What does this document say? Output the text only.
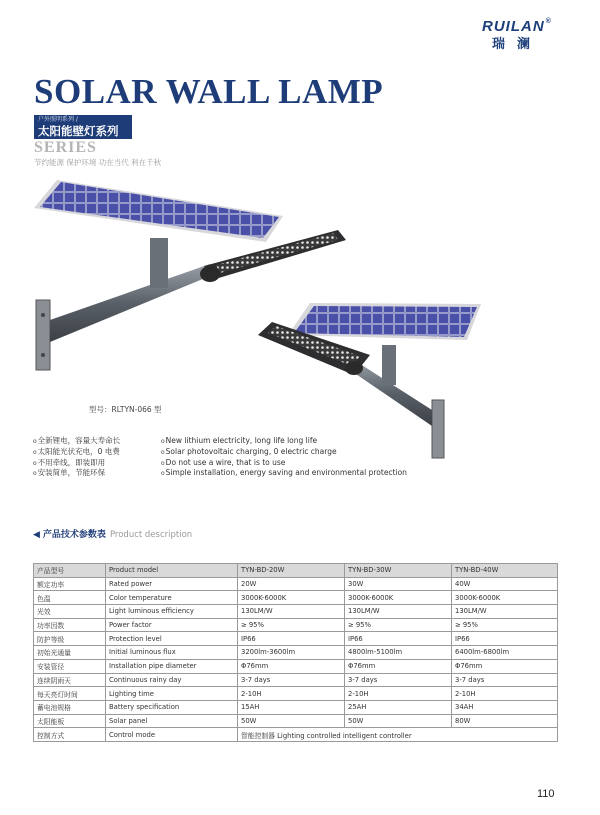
RUILAN®
瑞澜
SOLAR WALL LAMP
户外照明系列 /
太阳能壁灯系列
SERIES
节约能源 保护环境 功在当代 利在千秋
型号：RLTYN-066 型
o 全新锂电，容量大寿命长
o 太阳能光伏充电，0 电费
o 不用牵线，即装即用
o 安装简单，节能环保
o New lithium electricity, long life long life
o Solar photovoltaic charging, 0 electric charge
o Do not use a wire, that is to use
o Simple installation, energy saving and environmental protection
◀ 产品技术参数表 Product description
产品型号	Product model	TYN-BD-20W	TYN-BD-30W	TYN-BD-40W
额定功率	Rated power	20W	30W	40W
色温	Color temperature	3000K-6000K	3000K-6000K	3000K-6000K
光效	Light luminous efficiency	130LM/W	130LM/W	130LM/W
功率因数	Power factor	≥ 95%	≥ 95%	≥ 95%
防护等级	Protection level	IP66	IP66	IP66
初始光通量	Initial luminous flux	3200lm-3600lm	4800lm-5100lm	6400lm-6800lm
安装管径	Installation pipe diameter	Φ76mm	Φ76mm	Φ76mm
连续阴雨天	Continuous rainy day	3-7 days	3-7 days	3-7 days
每天亮灯时间	Lighting time	2-10H	2-10H	2-10H
蓄电池规格	Battery specification	15AH	25AH	34AH
太阳能板	Solar panel	50W	50W	80W
控制方式	Control mode	智能控制器 Lighting controlled intelligent controller		
110
